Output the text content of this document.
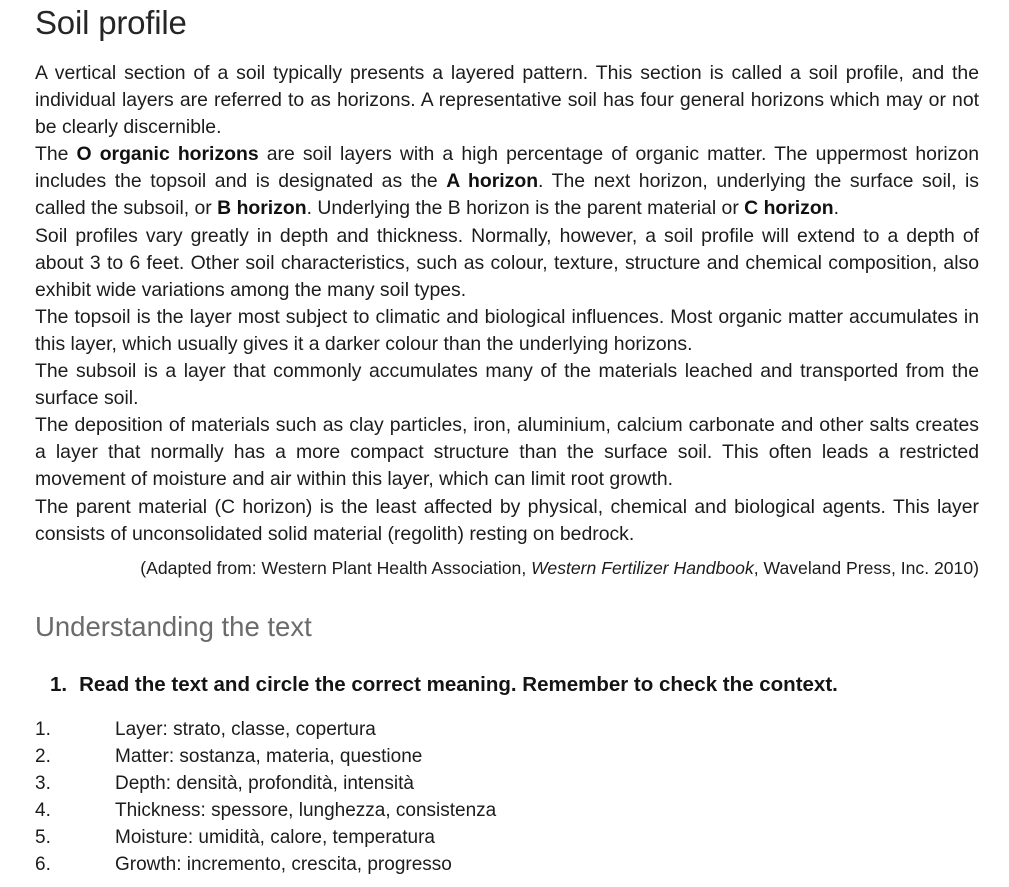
Soil profile

A vertical section of a soil typically presents a layered pattern. This section is called a soil profile, and the individual layers are referred to as horizons. A representative soil has four general horizons which may or not be clearly discernible.

The O organic horizons are soil layers with a high percentage of organic matter. The uppermost horizon includes the topsoil and is designated as the A horizon. The next horizon, underlying the surface soil, is called the subsoil, or B horizon. Underlying the B horizon is the parent material or C horizon.

Soil profiles vary greatly in depth and thickness. Normally, however, a soil profile will extend to a depth of about 3 to 6 feet. Other soil characteristics, such as colour, texture, structure and chemical composition, also exhibit wide variations among the many soil types.

The topsoil is the layer most subject to climatic and biological influences. Most organic matter accumulates in this layer, which usually gives it a darker colour than the underlying horizons.

The subsoil is a layer that commonly accumulates many of the materials leached and transported from the surface soil.

The deposition of materials such as clay particles, iron, aluminium, calcium carbonate and other salts creates a layer that normally has a more compact structure than the surface soil. This often leads a restricted movement of moisture and air within this layer, which can limit root growth.

The parent material (C horizon) is the least affected by physical, chemical and biological agents. This layer consists of unconsolidated solid material (regolith) resting on bedrock.

(Adapted from: Western Plant Health Association, Western Fertilizer Handbook, Waveland Press, Inc. 2010)
Understanding the text

1. Read the text and circle the correct meaning. Remember to check the context.

1.	Layer: strato, classe, copertura
2.	Matter: sostanza, materia, questione
3.	Depth: densità, profondità, intensità
4.	Thickness: spessore, lunghezza, consistenza
5.	Moisture: umidità, calore, temperatura
6.	Growth: incremento, crescita, progresso
